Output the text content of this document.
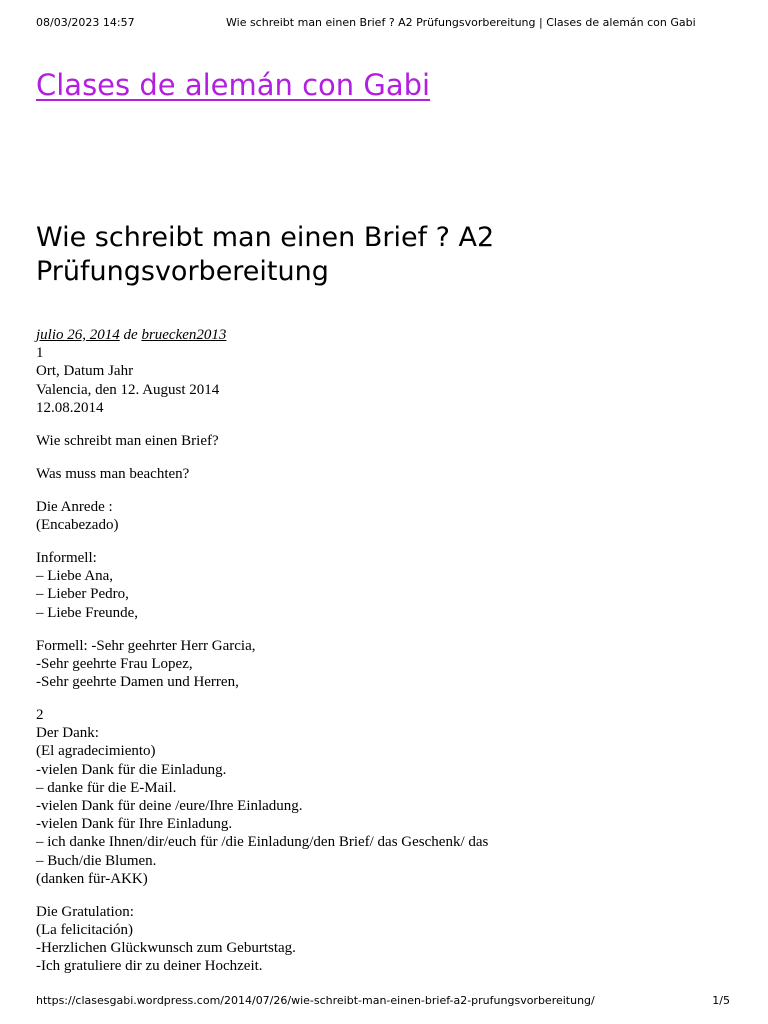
08/03/2023 14:57	Wie schreibt man einen Brief ? A2 Prüfungsvorbereitung | Clases de alemán con Gabi
Clases de alemán con Gabi
Wie schreibt man einen Brief ? A2 Prüfungsvorbereitung
julio 26, 2014 de bruecken2013

1
Ort, Datum Jahr
Valencia, den 12. August 2014
12.08.2014

Wie schreibt man einen Brief?

Was muss man beachten?

Die Anrede :
(Encabezado)

Informell:
– Liebe Ana,
– Lieber Pedro,
– Liebe Freunde,

Formell: -Sehr geehrter Herr Garcia,
-Sehr geehrte Frau Lopez,
-Sehr geehrte Damen und Herren,

2
Der Dank:
(El agradecimiento)
-vielen Dank für die Einladung.
– danke für die E-Mail.
-vielen Dank für deine /eure/Ihre Einladung.
-vielen Dank für Ihre Einladung.
– ich danke Ihnen/dir/euch für /die Einladung/den Brief/ das Geschenk/ das
– Buch/die Blumen.
(danken für-AKK)

Die Gratulation:
(La felicitación)
-Herzlichen Glückwunsch zum Geburtstag.
-Ich gratuliere dir zu deiner Hochzeit.

https://clasesgabi.wordpress.com/2014/07/26/wie-schreibt-man-einen-brief-a2-prufungsvorbereitung/	1/5
